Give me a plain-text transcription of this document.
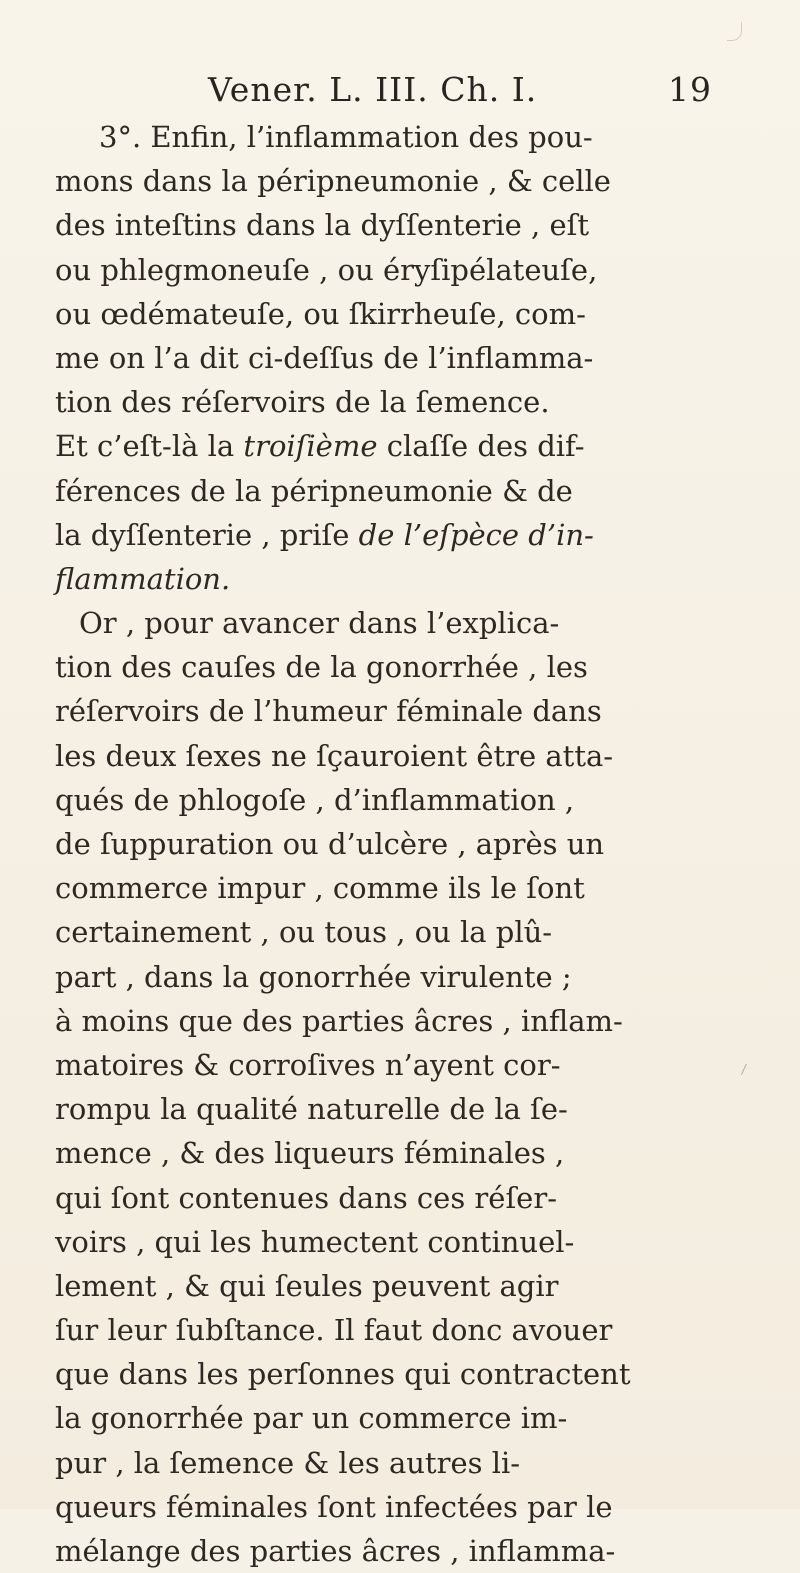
Vener. L. III. Ch. I.	19
3°. Enfin, l’inflammation des pou-
mons dans la péripneumonie , & celle
des inteſtins dans la dyſſenterie , eſt
ou phlegmoneuſe , ou éryſipélateuſe,
ou œdémateuſe, ou ſkirrheuſe, com-
me on l’a dit ci-deſſus de l’inflamma-
tion des réſervoirs de la ſemence.
Et c’eſt-là la troiſième claſſe des dif-
férences de la péripneumonie & de
la dyſſenterie , priſe de l’eſpèce d’in-
flammation.
Or , pour avancer dans l’explica-
tion des cauſes de la gonorrhée , les
réſervoirs de l’humeur féminale dans
les deux ſexes ne ſçauroient être atta-
qués de phlogoſe , d’inflammation ,
de ſuppuration ou d’ulcère , après un
commerce impur , comme ils le ſont
certainement , ou tous , ou la plû-
part , dans la gonorrhée virulente ;
à moins que des parties âcres , inflam-
matoires & corroſives n’ayent cor-
rompu la qualité naturelle de la ſe-
mence , & des liqueurs féminales ,
qui ſont contenues dans ces réſer-
voirs , qui les humectent continuel-
lement , & qui ſeules peuvent agir
ſur leur ſubſtance. Il faut donc avouer
que dans les perſonnes qui contractent
la gonorrhée par un commerce im-
pur , la ſemence & les autres li-
queurs féminales ſont infectées par le
mélange des parties âcres , inflamma-
